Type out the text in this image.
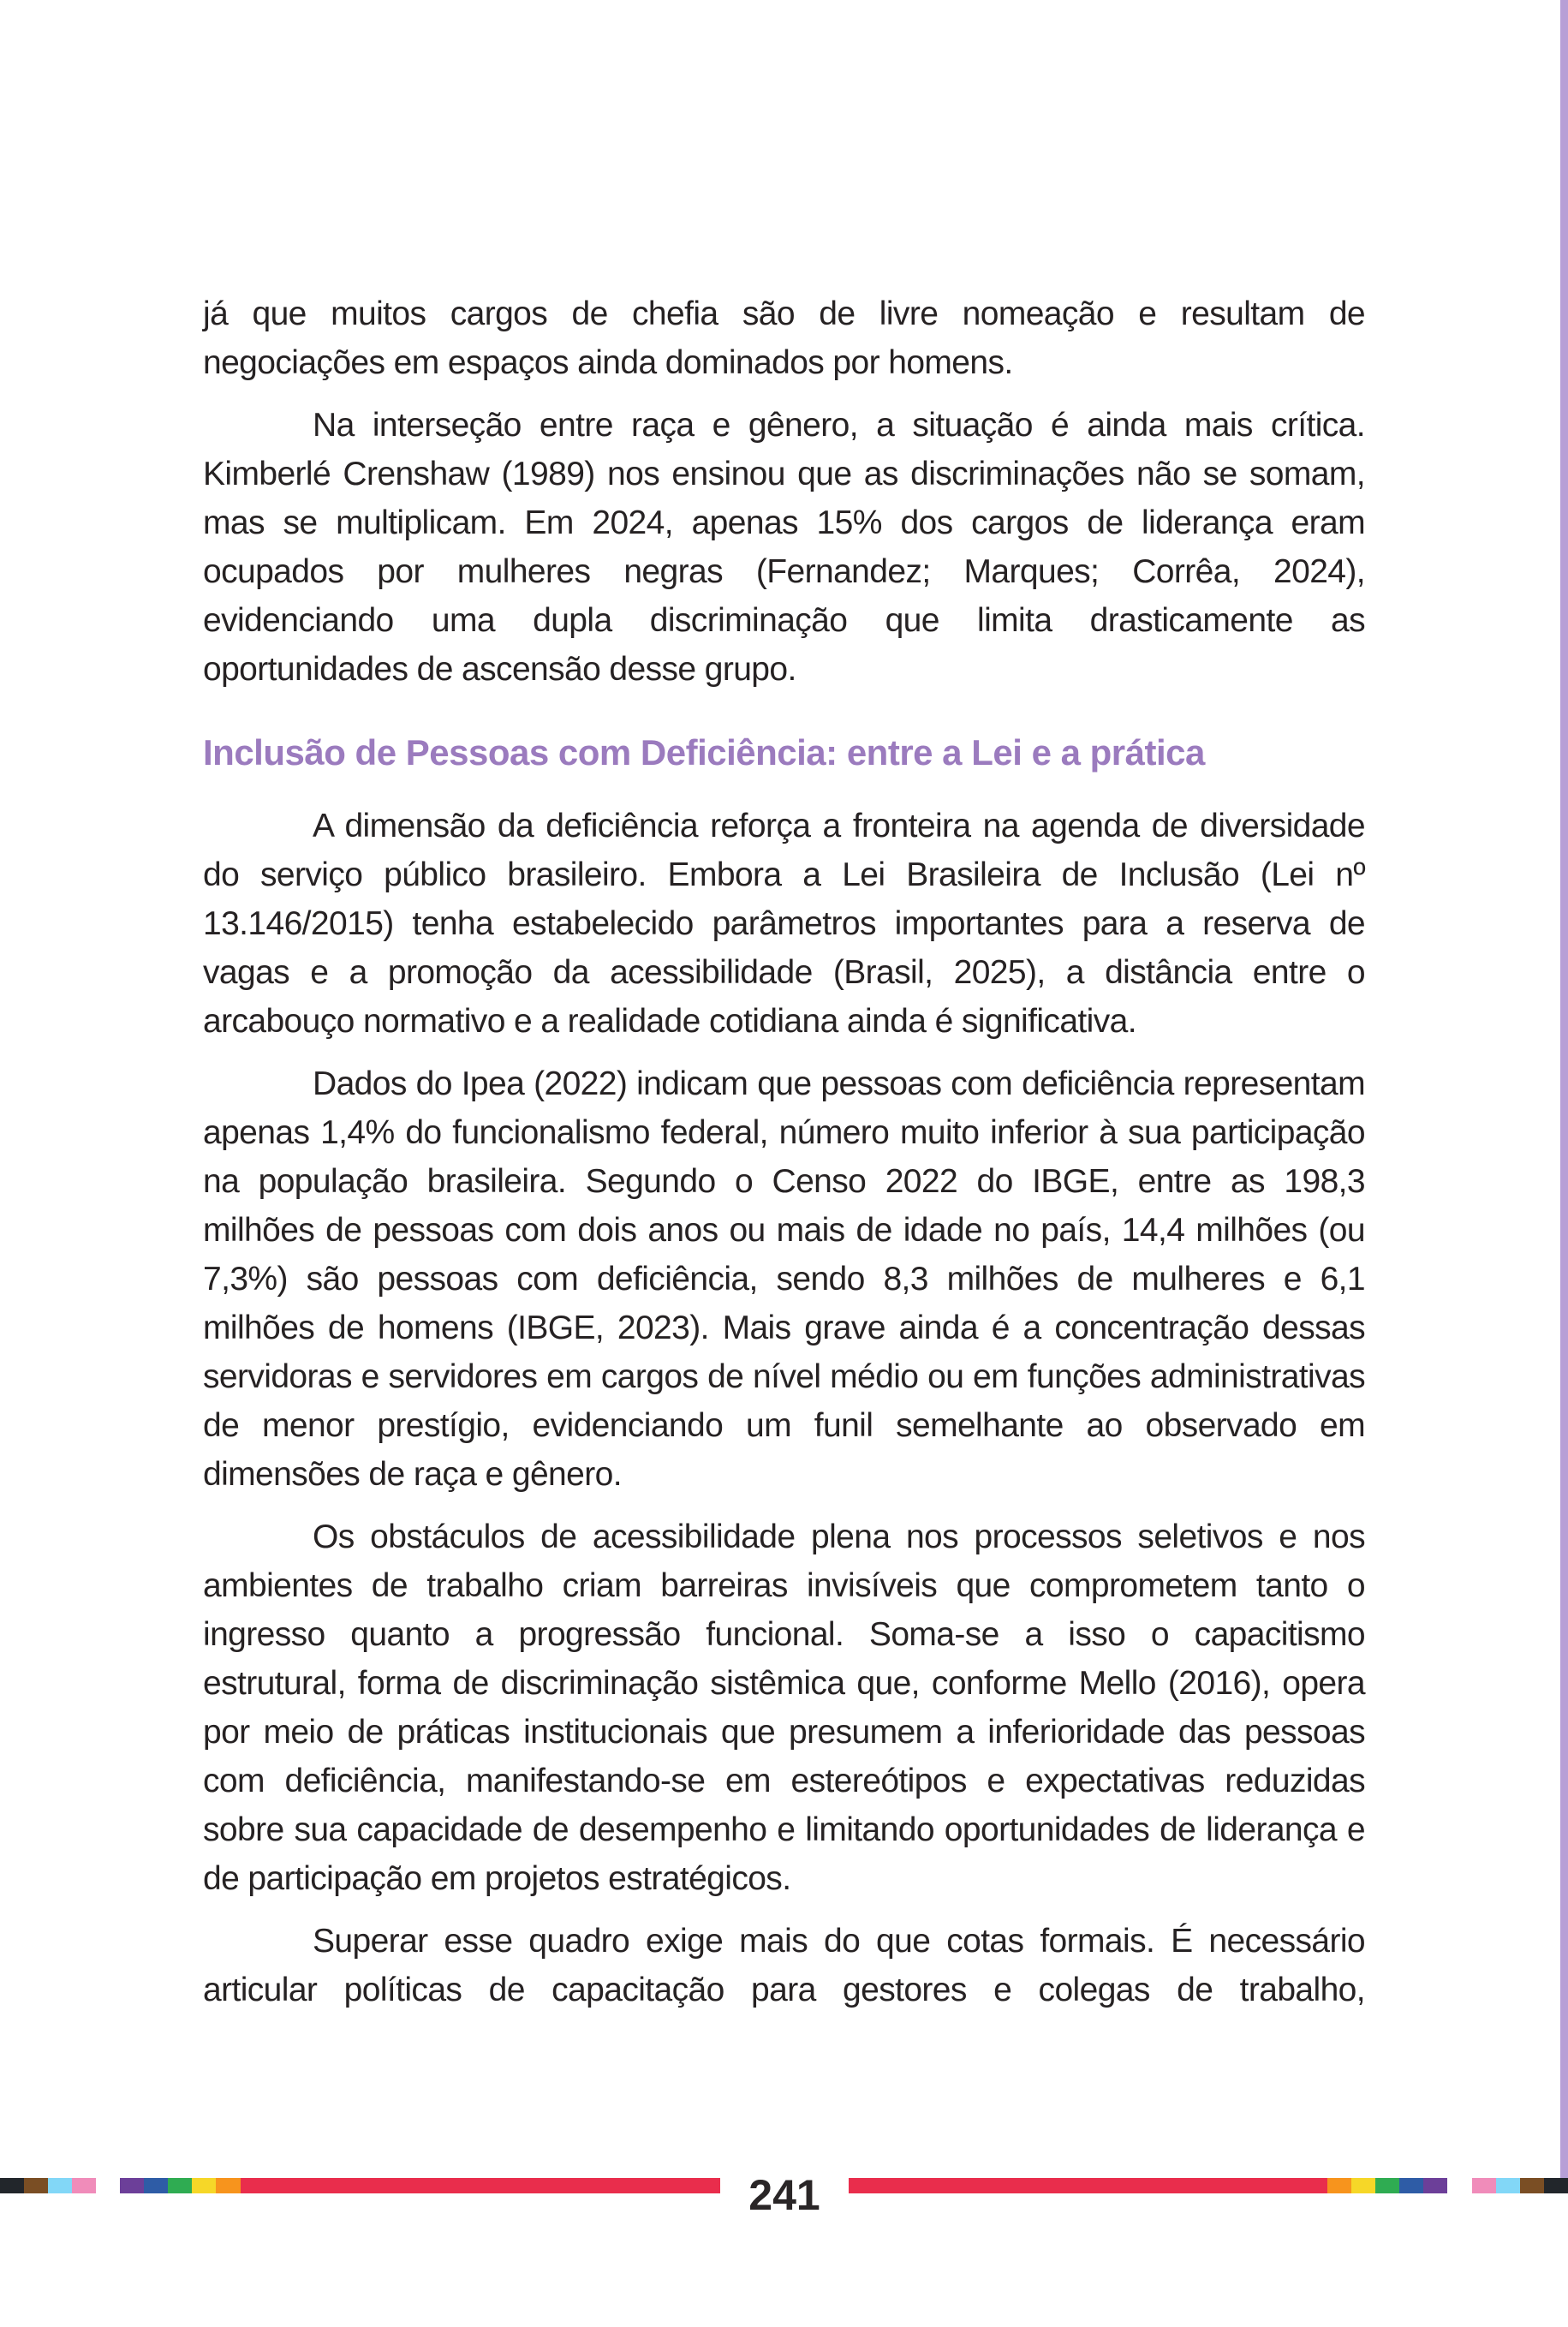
já que muitos cargos de chefia são de livre nomeação e resultam de negociações em espaços ainda dominados por homens.

Na interseção entre raça e gênero, a situação é ainda mais crítica. Kimberlé Crenshaw (1989) nos ensinou que as discriminações não se somam, mas se multiplicam. Em 2024, apenas 15% dos cargos de liderança eram ocupados por mulheres negras (Fernandez; Marques; Corrêa, 2024), evidenciando uma dupla discriminação que limita drasticamente as oportunidades de ascensão desse grupo.

Inclusão de Pessoas com Deficiência: entre a Lei e a prática

A dimensão da deficiência reforça a fronteira na agenda de diversidade do serviço público brasileiro. Embora a Lei Brasileira de Inclusão (Lei nº 13.146/2015) tenha estabelecido parâmetros importantes para a reserva de vagas e a promoção da acessibilidade (Brasil, 2025), a distância entre o arcabouço normativo e a realidade cotidiana ainda é significativa.

Dados do Ipea (2022) indicam que pessoas com deficiência representam apenas 1,4% do funcionalismo federal, número muito inferior à sua participação na população brasileira. Segundo o Censo 2022 do IBGE, entre as 198,3 milhões de pessoas com dois anos ou mais de idade no país, 14,4 milhões (ou 7,3%) são pessoas com deficiência, sendo 8,3 milhões de mulheres e 6,1 milhões de homens (IBGE, 2023). Mais grave ainda é a concentração dessas servidoras e servidores em cargos de nível médio ou em funções administrativas de menor prestígio, evidenciando um funil semelhante ao observado em dimensões de raça e gênero.

Os obstáculos de acessibilidade plena nos processos seletivos e nos ambientes de trabalho criam barreiras invisíveis que comprometem tanto o ingresso quanto a progressão funcional. Soma-se a isso o capacitismo estrutural, forma de discriminação sistêmica que, conforme Mello (2016), opera por meio de práticas institucionais que presumem a inferioridade das pessoas com deficiência, manifestando-se em estereótipos e expectativas reduzidas sobre sua capacidade de desempenho e limitando oportunidades de liderança e de participação em projetos estratégicos.

Superar esse quadro exige mais do que cotas formais. É necessário articular políticas de capacitação para gestores e colegas de trabalho,

241
